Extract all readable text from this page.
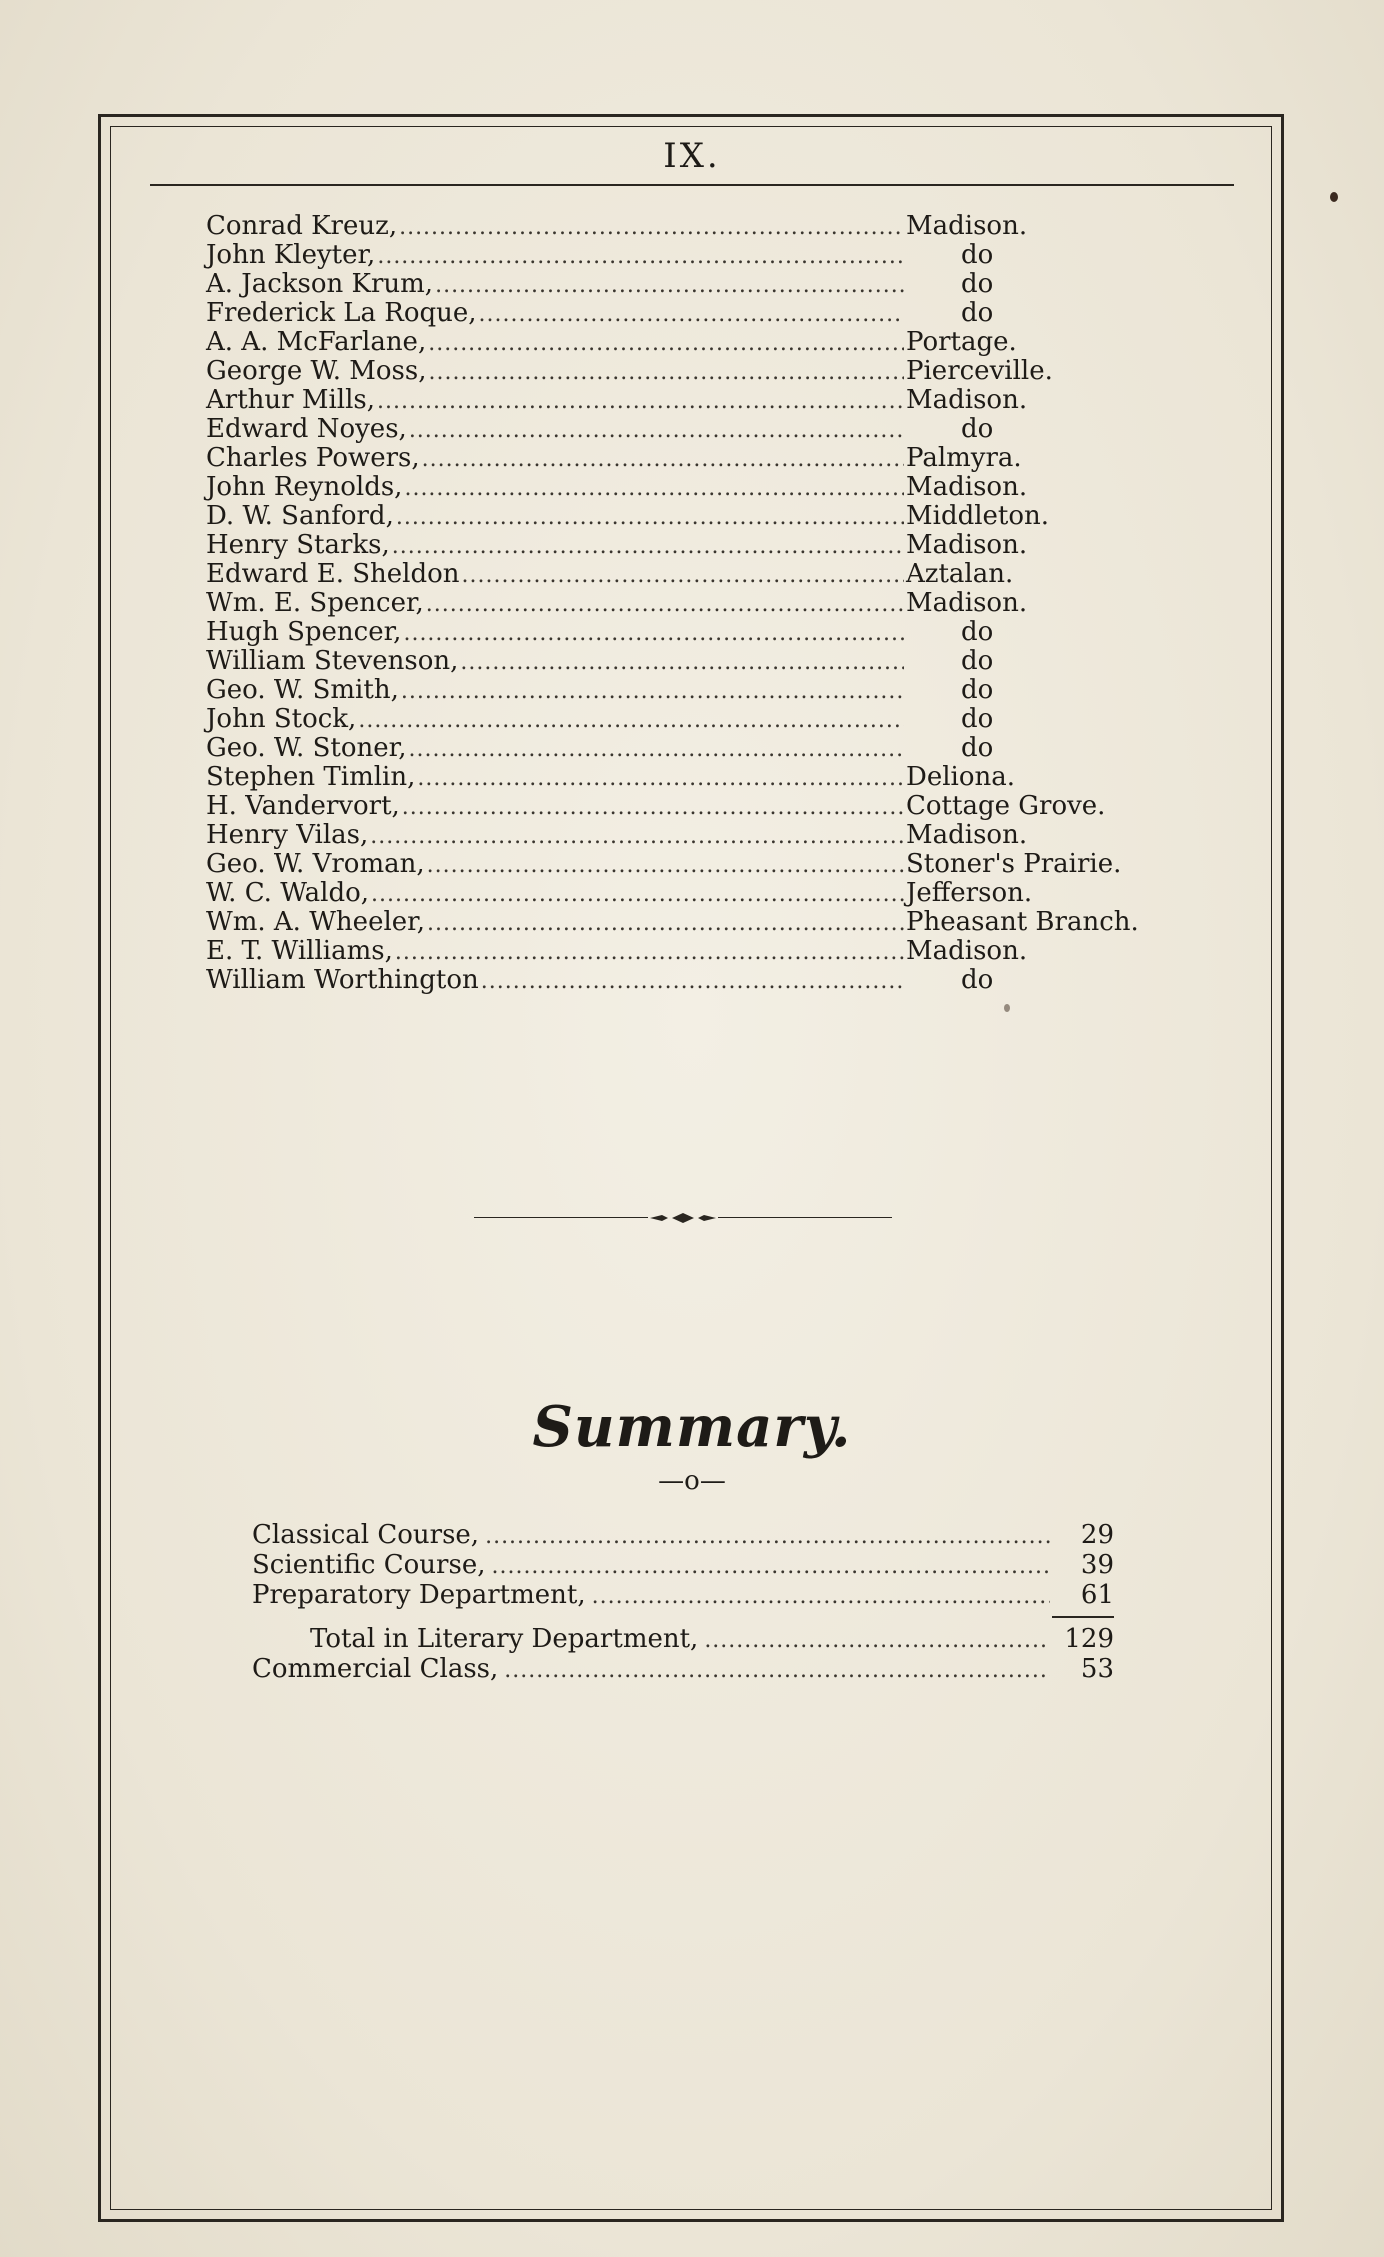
IX.
Conrad Kreuz, .....	Madison.
John Kleyter, .....	do
A. Jackson Krum, .....	do
Frederick La Roque, .....	do
A. A. McFarlane, .....	Portage.
George W. Moss, .....	Pierceville.
Arthur Mills, .....	Madison.
Edward Noyes, .....	do
Charles Powers, .....	Palmyra.
John Reynolds, .....	Madison.
D. W. Sanford, .....	Middleton.
Henry Starks, .....	Madison.
Edward E. Sheldon .....	Aztalan.
Wm. E. Spencer, .....	Madison.
Hugh Spencer, .....	do
William Stevenson, .....	do
Geo. W. Smith, .....	do
John Stock, .....	do
Geo. W. Stoner, .....	do
Stephen Timlin, .....	Deliona.
H. Vandervort, .....	Cottage Grove.
Henry Vilas, .....	Madison.
Geo. W. Vroman, .....	Stoner's Prairie.
W. C. Waldo, .....	Jefferson.
Wm. A. Wheeler, .....	Pheasant Branch.
E. T. Williams, .....	Madison.
William Worthington .....	do
Summary.
—o—
Classical Course, .....	29
Scientific Course, .....	39
Preparatory Department, .....	61
Total in Literary Department, .....	129
Commercial Class, .....	53
